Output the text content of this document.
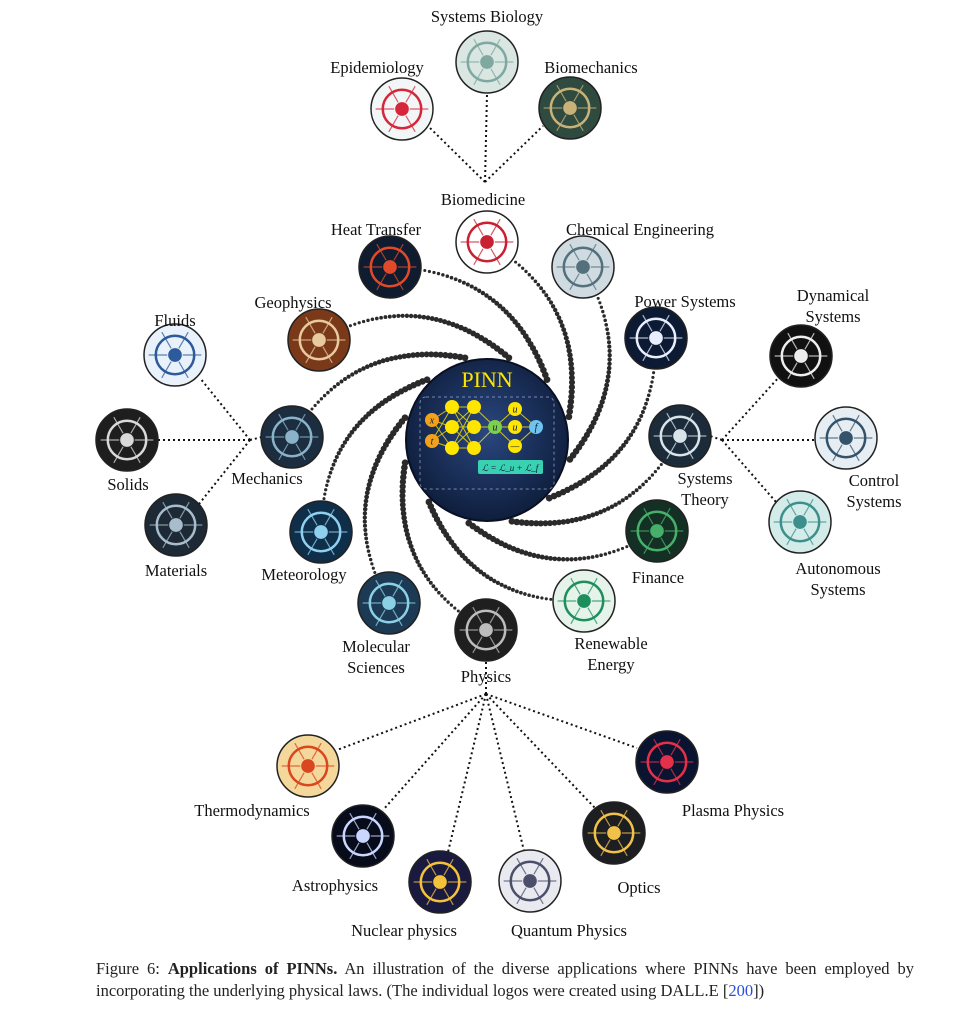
PINN
x
t
u
u
u f
—
ℒ = ℒ_u + ℒ_f
Systems Biology
Epidemiology	Biomechanics
Biomedicine
Heat Transfer	Chemical Engineering
Geophysics	Power Systems
Fluids
Dynamical
Systems
Mechanics
Solids
Materials
Systems
Theory
Control
Systems
Autonomous
Systems
Meteorology	Finance
Renewable
Energy
Molecular
Sciences	Physics
Thermodynamics	Plasma Physics
Astrophysics	Optics
Nuclear physics	Quantum Physics
Figure 6: Applications of PINNs. An illustration of the diverse applications where PINNs have been employed by incorporating the underlying physical laws. (The individual logos were created using DALL.E [200])
